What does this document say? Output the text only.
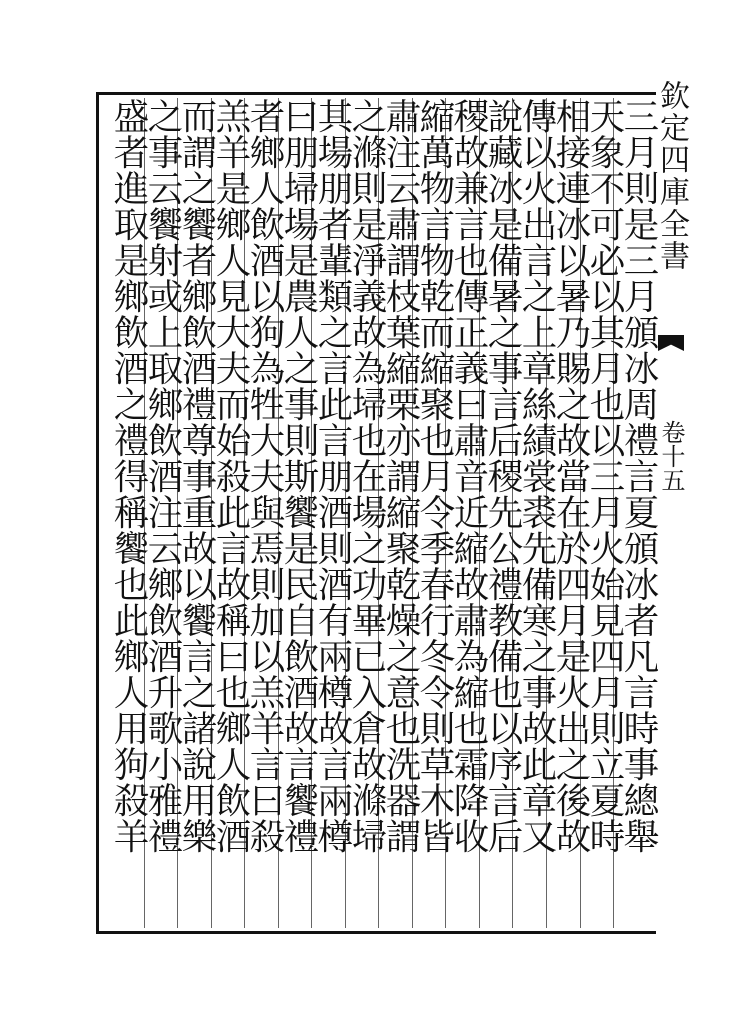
欽定四庫全書
卷十五
三月則是三月頒冰周禮言夏頒冰者凡言時事總舉
天象不可必以其月也以三月火始見四月則立夏時
相接連冰以暑乃賜之故當在於四月是火出之後故
傳以火出言之上章絲績裳裘先備寒之事故此章又
說藏冰是備暑之事言后稷先公禮教備也以序言后
稷故兼言也傳正義曰肅音近縮故肅為縮也霜降收
縮萬物言物乾而縮聚也月令季春行冬令則草木皆
肅注云肅謂枝葉縮栗亦謂縮聚乾燥之意也洗器謂
之滌則是淨義故為埽也在場之功畢已入倉故滌埽
其場朋者輩類之言此言朋酒則酒有兩樽故言兩樽
曰朋埽場是農人之事則斯饗是民自飲酒故言饗禮
者鄉人飲酒以狗為牲大夫與焉則加以羔羊言曰殺
羔羊是鄉人見大夫而始殺此言故稱曰也鄉人飲酒
而謂之饗者鄉飲酒禮尊事重故以饗言之諸說用樂
之事云饗射或上取鄉飲酒注云鄉飲酒升歌小雅禮
盛者進取是鄉飲酒之禮得稱饗也此鄉人用狗殺羊
